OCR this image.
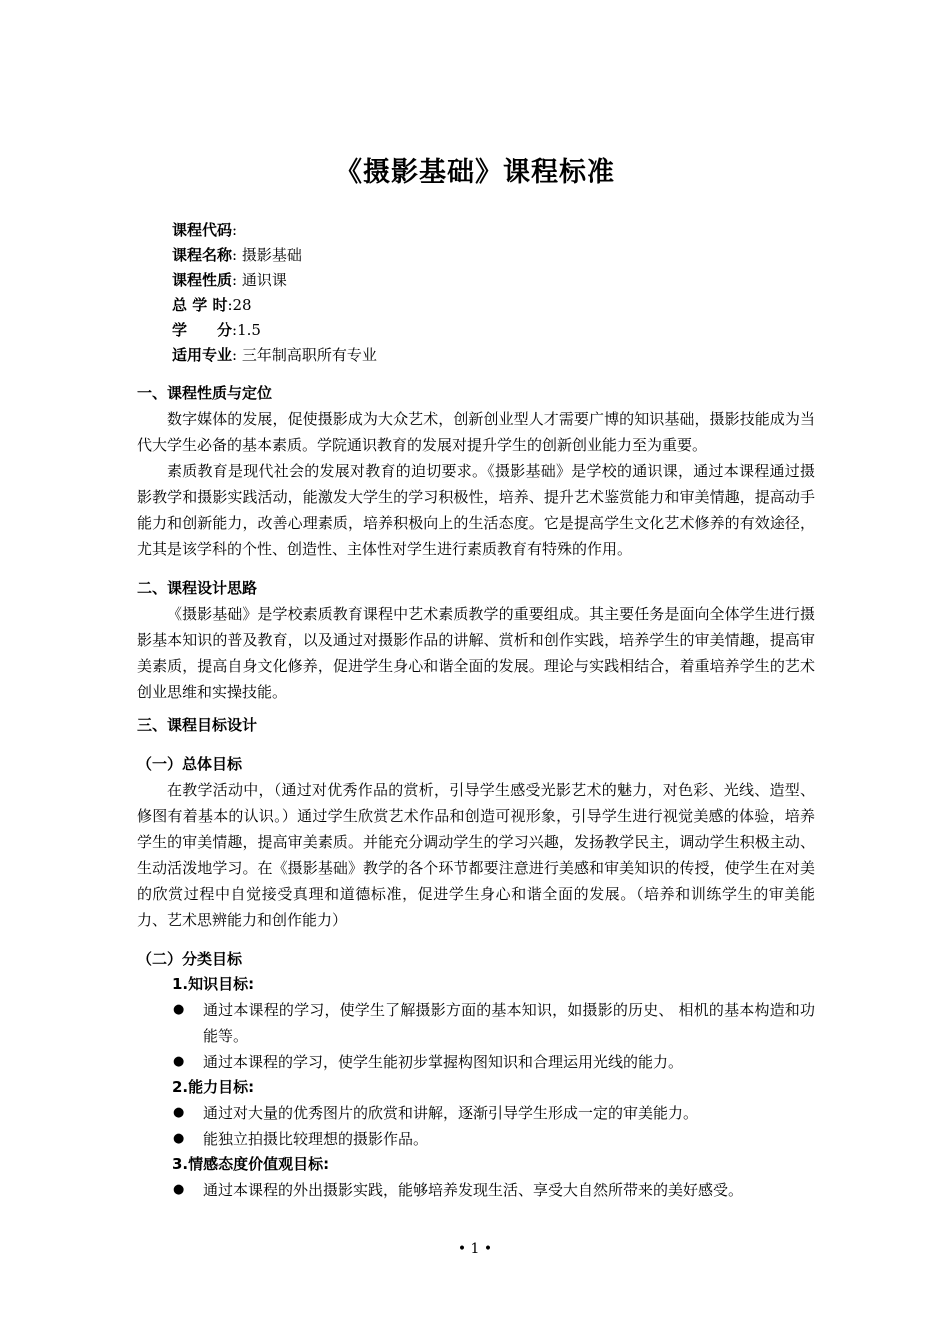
《摄影基础》课程标准
课程代码:
课程名称: 摄影基础
课程性质: 通识课
总 学 时:28
学　　分:1.5
适用专业: 三年制高职所有专业
一、课程性质与定位

数字媒体的发展，促使摄影成为大众艺术，创新创业型人才需要广博的知识基础，摄影技能成为当代大学生必备的基本素质。学院通识教育的发展对提升学生的创新创业能力至为重要。

素质教育是现代社会的发展对教育的迫切要求。《摄影基础》是学校的通识课，通过本课程通过摄影教学和摄影实践活动，能激发大学生的学习积极性，培养、提升艺术鉴赏能力和审美情趣，提高动手能力和创新能力，改善心理素质，培养积极向上的生活态度。它是提高学生文化艺术修养的有效途径，尤其是该学科的个性、创造性、主体性对学生进行素质教育有特殊的作用。

二、课程设计思路

《摄影基础》是学校素质教育课程中艺术素质教学的重要组成。其主要任务是面向全体学生进行摄影基本知识的普及教育，以及通过对摄影作品的讲解、赏析和创作实践，培养学生的审美情趣，提高审美素质，提高自身文化修养，促进学生身心和谐全面的发展。理论与实践相结合，着重培养学生的艺术创业思维和实操技能。

三、课程目标设计
（一）总体目标

在教学活动中，（通过对优秀作品的赏析，引导学生感受光影艺术的魅力，对色彩、光线、造型、修图有着基本的认识。）通过学生欣赏艺术作品和创造可视形象，引导学生进行视觉美感的体验，培养学生的审美情趣，提高审美素质。并能充分调动学生的学习兴趣，发扬教学民主，调动学生积极主动、生动活泼地学习。在《摄影基础》教学的各个环节都要注意进行美感和审美知识的传授，使学生在对美的欣赏过程中自觉接受真理和道德标准，促进学生身心和谐全面的发展。（培养和训练学生的审美能力、艺术思辨能力和创作能力）

（二）分类目标
1.知识目标:
● 通过本课程的学习，使学生了解摄影方面的基本知识，如摄影的历史、 相机的基本构造和功能等。
● 通过本课程的学习，使学生能初步掌握构图知识和合理运用光线的能力。
2.能力目标:
● 通过对大量的优秀图片的欣赏和讲解，逐渐引导学生形成一定的审美能力。
● 能独立拍摄比较理想的摄影作品。
3.情感态度价值观目标:
● 通过本课程的外出摄影实践，能够培养发现生活、享受大自然所带来的美好感受。
• 1 •
